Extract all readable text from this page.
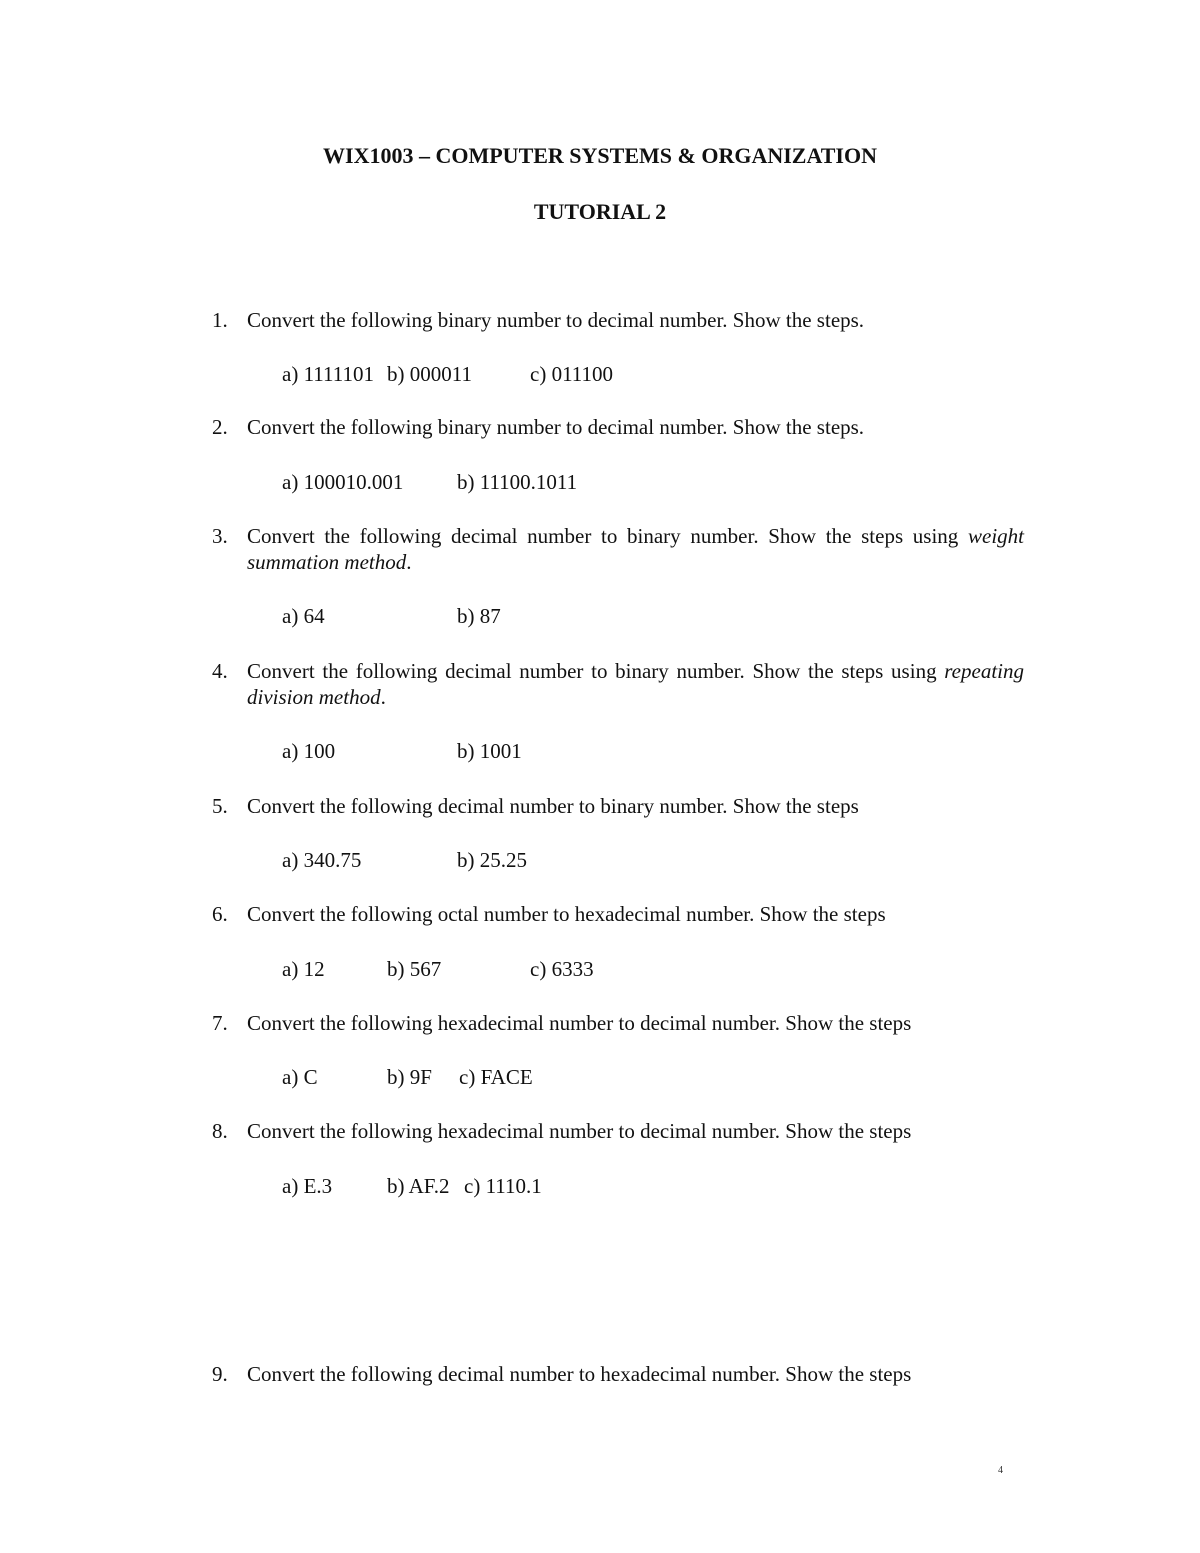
WIX1003 – COMPUTER SYSTEMS & ORGANIZATION
TUTORIAL 2
1. Convert the following binary number to decimal number. Show the steps.
a) 1111101 b) 000011	c) 011100
2. Convert the following binary number to decimal number. Show the steps.
a) 100010.001	b) 11100.1011
3. Convert the following decimal number to binary number. Show the steps using weight summation method.
a) 64	b) 87
4. Convert the following decimal number to binary number. Show the steps using repeating division method.
a) 100	b) 1001
5. Convert the following decimal number to binary number. Show the steps
a) 340.75	b) 25.25
6. Convert the following octal number to hexadecimal number. Show the steps
a) 12	b) 567	c) 6333
7. Convert the following hexadecimal number to decimal number. Show the steps
a) C	b) 9F c) FACE
8. Convert the following hexadecimal number to decimal number. Show the steps
a) E.3	b) AF.2 c) 1110.1
9. Convert the following decimal number to hexadecimal number. Show the steps
4
